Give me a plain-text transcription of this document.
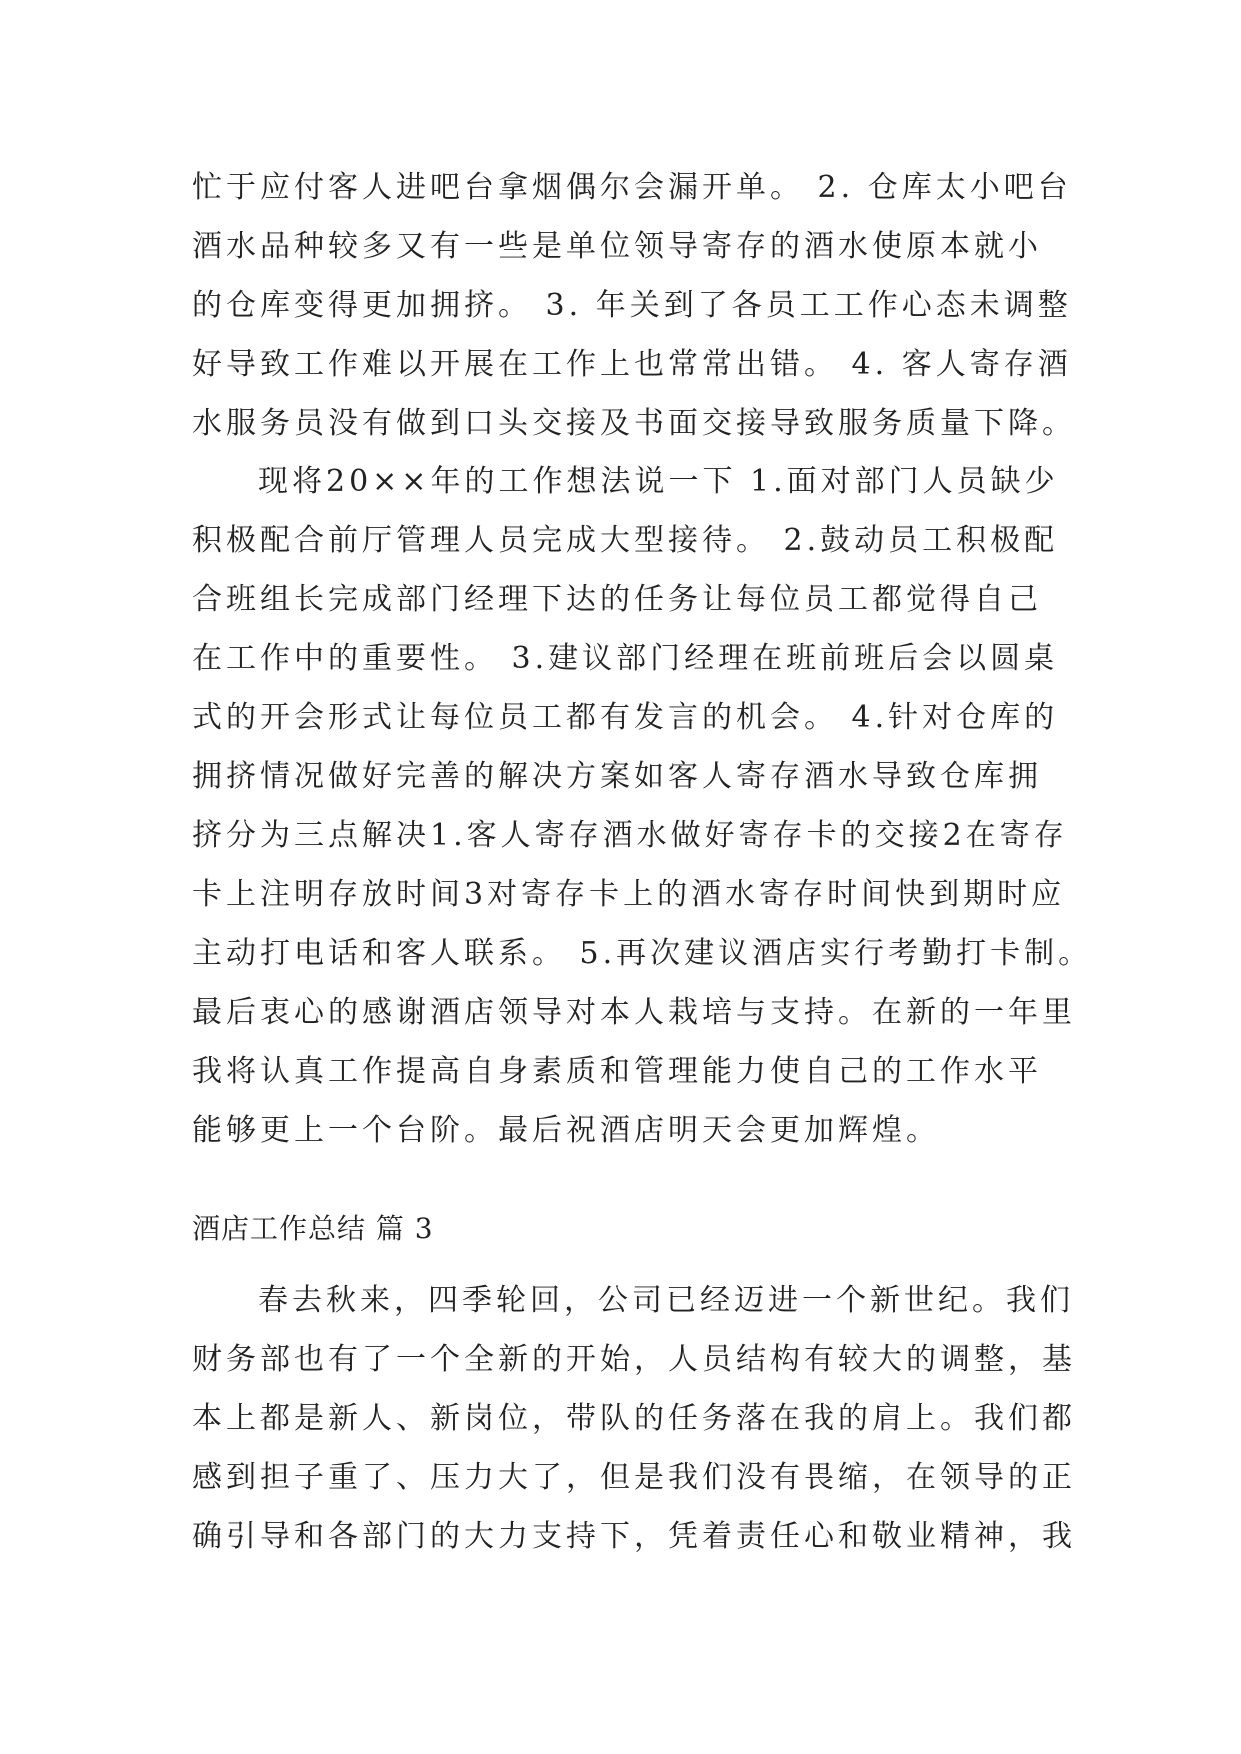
忙于应付客人进吧台拿烟偶尔会漏开单。 2. 仓库太小吧台
酒水品种较多又有一些是单位领导寄存的酒水使原本就小
的仓库变得更加拥挤。 3. 年关到了各员工工作心态未调整
好导致工作难以开展在工作上也常常出错。 4. 客人寄存酒
水服务员没有做到口头交接及书面交接导致服务质量下降。
现将20××年的工作想法说一下 1.面对部门人员缺少
积极配合前厅管理人员完成大型接待。 2.鼓动员工积极配
合班组长完成部门经理下达的任务让每位员工都觉得自己
在工作中的重要性。 3.建议部门经理在班前班后会以圆桌
式的开会形式让每位员工都有发言的机会。 4.针对仓库的
拥挤情况做好完善的解决方案如客人寄存酒水导致仓库拥
挤分为三点解决1.客人寄存酒水做好寄存卡的交接2在寄存
卡上注明存放时间3对寄存卡上的酒水寄存时间快到期时应
主动打电话和客人联系。 5.再次建议酒店实行考勤打卡制。
最后衷心的感谢酒店领导对本人栽培与支持。在新的一年里
我将认真工作提高自身素质和管理能力使自己的工作水平
能够更上一个台阶。最后祝酒店明天会更加辉煌。
酒店工作总结 篇 3
春去秋来，四季轮回，公司已经迈进一个新世纪。我们
财务部也有了一个全新的开始，人员结构有较大的调整，基
本上都是新人、新岗位，带队的任务落在我的肩上。我们都
感到担子重了、压力大了，但是我们没有畏缩，在领导的正
确引导和各部门的大力支持下，凭着责任心和敬业精神，我
